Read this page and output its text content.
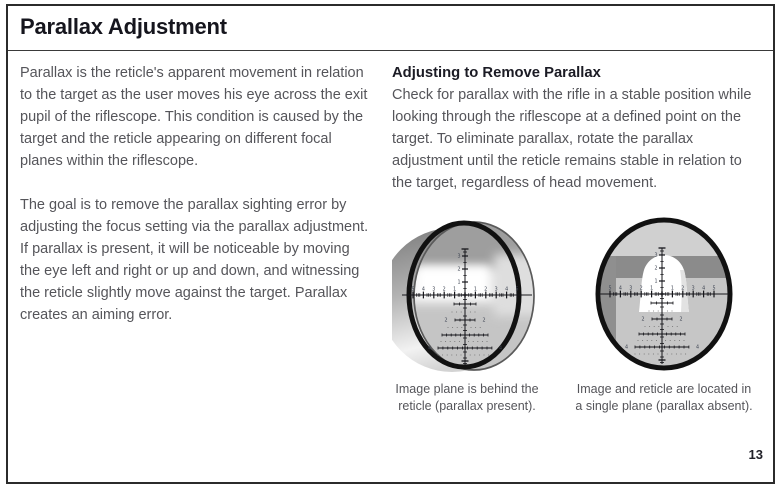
Parallax Adjustment

Parallax is the reticle's apparent movement in relation to the target as the user moves his eye across the exit pupil of the riflescope. This condition is caused by the target and the reticle appearing on different focal planes within the riflescope.

The goal is to remove the parallax sighting error by adjusting the focus setting via the parallax adjustment. If parallax is present, it will be noticeable by moving the eye left and right or up and down, and witnessing the reticle slightly move against the target. Parallax creates an aiming error.

Adjusting to Remove Parallax

Check for parallax with the rifle in a stable position while looking through the riflescope at a defined point on the target. To eliminate parallax, rotate the parallax adjustment until the reticle remains stable in relation to the target, regardless of head movement.

1	1
2	2
3	3
4	4
5	5
1
2
3
2	2
4	4
Image plane is behind the
reticle (parallax present).
1	1
2	2
3	3
4	4
5	5
1
2
3
2	2
4	4
Image and reticle are located in
a single plane (parallax absent).
13
